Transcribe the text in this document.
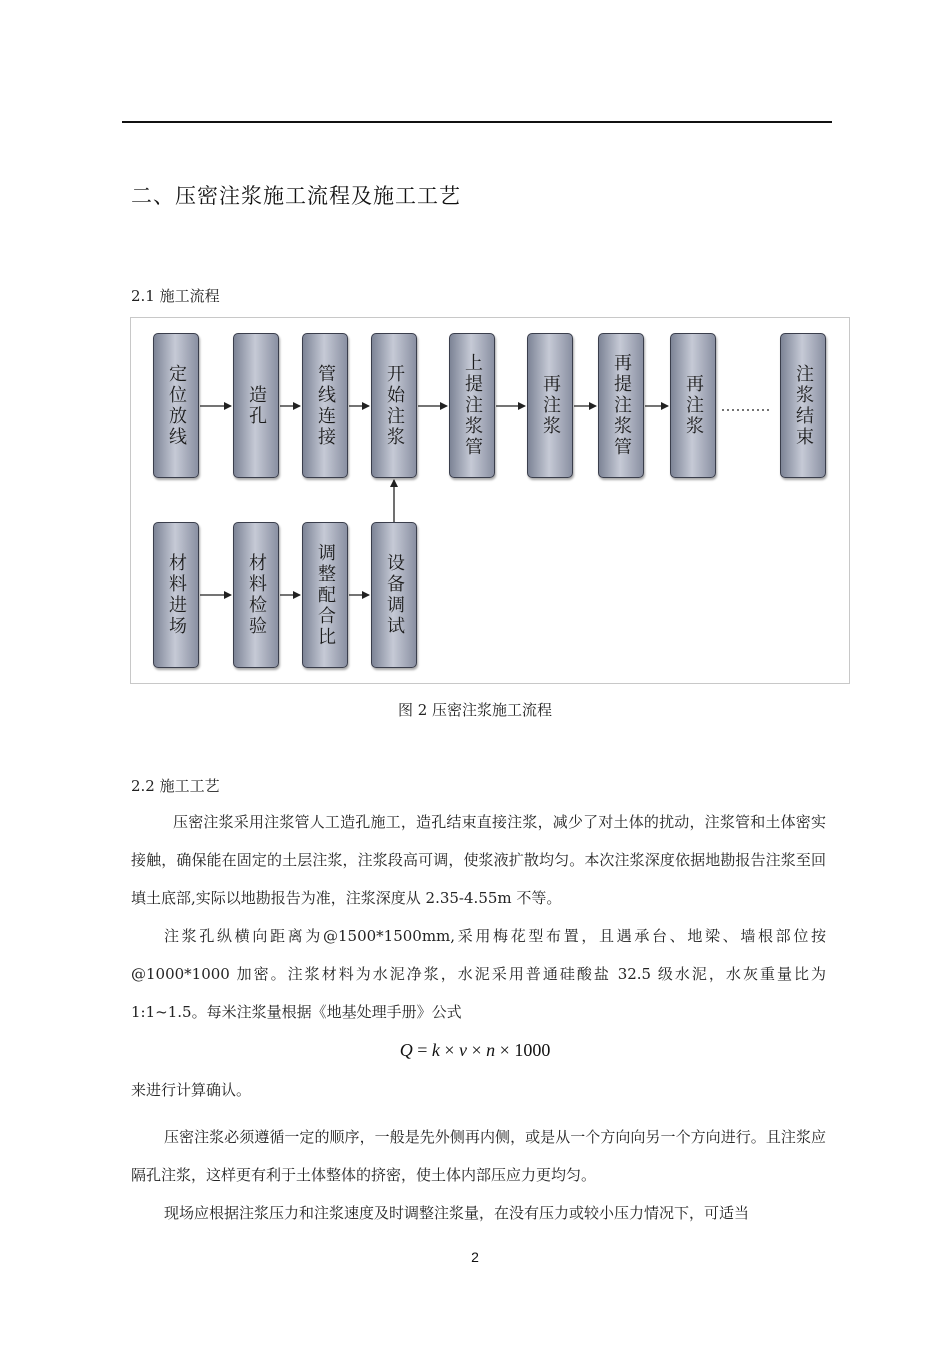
二、压密注浆施工流程及施工工艺
2.1 施工流程
定位放线	造孔	管线连接	开始注浆	上提注浆管	再注浆	再提注浆管	再注浆	注浆结束
材料进场	材料检验	调整配合比	设备调试
图 2 压密注浆施工流程
2.2 施工工艺
压密注浆采用注浆管人工造孔施工，造孔结束直接注浆，减少了对土体的扰动，注浆管和土体密实接触，确保能在固定的土层注浆，注浆段高可调，使浆液扩散均匀。本次注浆深度依据地勘报告注浆至回填土底部,实际以地勘报告为准，注浆深度从 2.35-4.55m 不等。
注浆孔纵横向距离为@1500*1500mm,采用梅花型布置，且遇承台、地梁、墙根部位按@1000*1000 加密。注浆材料为水泥净浆，水泥采用普通硅酸盐 32.5 级水泥，水灰重量比为 1:1~1.5。每米注浆量根据《地基处理手册》公式
Q = k × v × n × 1000
来进行计算确认。
压密注浆必须遵循一定的顺序，一般是先外侧再内侧，或是从一个方向向另一个方向进行。且注浆应隔孔注浆，这样更有利于土体整体的挤密，使土体内部压应力更均匀。
现场应根据注浆压力和注浆速度及时调整注浆量，在没有压力或较小压力情况下，可适当
2
